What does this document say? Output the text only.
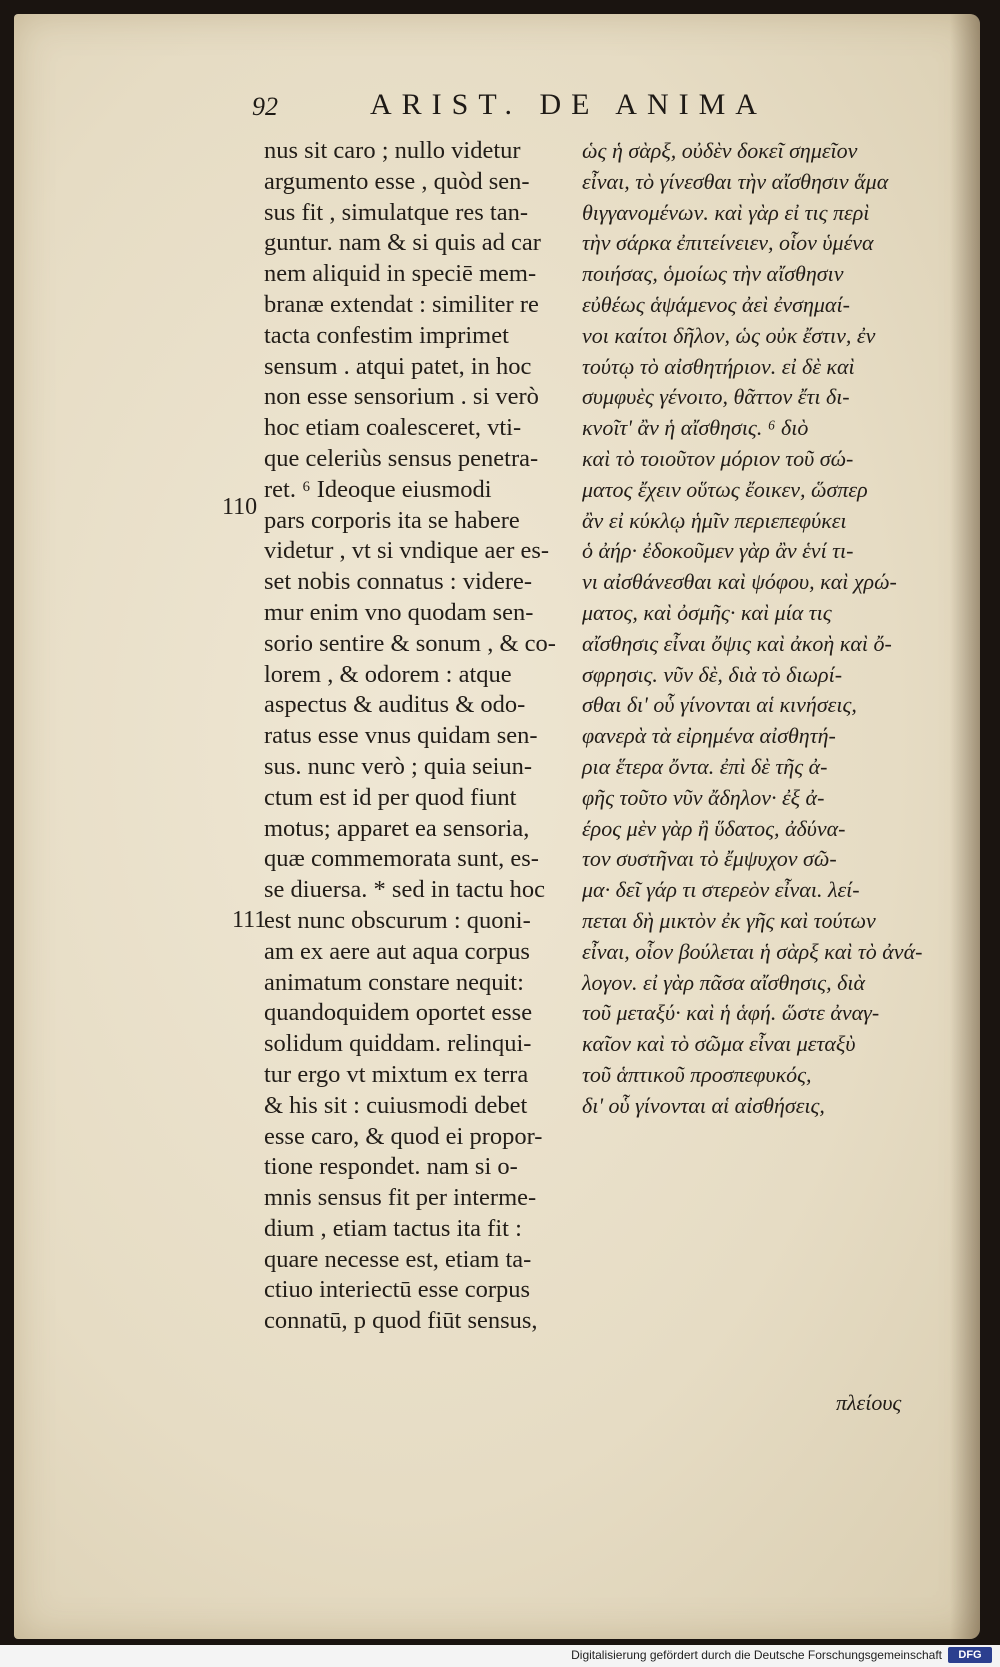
92	ARIST. DE ANIMA
110
111
nus sit caro ; nullo videtur
argumento esse , quòd sen-
sus fit , simulatque res tan-
guntur. nam & si quis ad car
nem aliquid in speciē mem-
branæ extendat : similiter re
tacta confestim imprimet
sensum . atqui patet, in hoc
non esse sensorium . si verò
hoc etiam coalesceret, vti-
que celeriùs sensus penetra-
ret. ⁶ Ideoque eiusmodi
pars corporis ita se habere
videtur , vt si vndique aer es-
set nobis connatus : videre-
mur enim vno quodam sen-
sorio sentire & sonum , & co-
lorem , & odorem : atque
aspectus & auditus & odo-
ratus esse vnus quidam sen-
sus. nunc verò ; quia seiun-
ctum est id per quod fiunt
motus; apparet ea sensoria,
quæ commemorata sunt, es-
se diuersa. * sed in tactu hoc
est nunc obscurum : quoni-
am ex aere aut aqua corpus
animatum constare nequit:
quandoquidem oportet esse
solidum quiddam. relinqui-
tur ergo vt mixtum ex terra
& his sit : cuiusmodi debet
esse caro, & quod ei propor-
tione respondet. nam si o-
mnis sensus fit per interme-
dium , etiam tactus ita fit :
quare necesse est, etiam ta-
ctiuo interiectū esse corpus
connatū, p quod fiūt sensus,
ὡς ἡ σὰρξ, οὐδὲν δοκεῖ σημεῖον
εἶναι, τὸ γίνεσθαι τὴν αἴσθησιν ἅμα
θιγγανομένων. καὶ γὰρ εἰ τις περὶ
τὴν σάρκα ἐπιτείνειεν, οἷον ὑμένα
ποιήσας, ὁμοίως τὴν αἴσθησιν
εὐθέως ἁψάμενος ἀεὶ ἐνσημαί-
νοι καίτοι δῆλον, ὡς οὐκ ἔστιν, ἐν
τούτῳ τὸ αἰσθητήριον. εἰ δὲ καὶ
συμφυὲς γένοιτο, θᾶττον ἔτι δι-
κνοῖτ' ἂν ἡ αἴσθησις. ⁶ διὸ
καὶ τὸ τοιοῦτον μόριον τοῦ σώ-
ματος ἔχειν οὕτως ἔοικεν, ὥσπερ
ἂν εἰ κύκλῳ ἡμῖν περιεπεφύκει
ὁ ἀήρ· ἐδοκοῦμεν γὰρ ἂν ἑνί τι-
νι αἰσθάνεσθαι καὶ ψόφου, καὶ χρώ-
ματος, καὶ ὀσμῆς· καὶ μία τις
αἴσθησις εἶναι ὄψις καὶ ἀκοὴ καὶ ὄ-
σφρησις. νῦν δὲ, διὰ τὸ διωρί-
σθαι δι' οὗ γίνονται αἱ κινήσεις,
φανερὰ τὰ εἰρημένα αἰσθητή-
ρια ἕτερα ὄντα. ἐπὶ δὲ τῆς ἀ-
φῆς τοῦτο νῦν ἄδηλον· ἐξ ἀ-
έρος μὲν γὰρ ἢ ὕδατος, ἀδύνα-
τον συστῆναι τὸ ἔμψυχον σῶ-
μα· δεῖ γάρ τι στερεὸν εἶναι. λεί-
πεται δὴ μικτὸν ἐκ γῆς καὶ τούτων
εἶναι, οἷον βούλεται ἡ σὰρξ καὶ τὸ ἀνά-
λογον. εἰ γὰρ πᾶσα αἴσθησις, διὰ
τοῦ μεταξύ· καὶ ἡ ἁφή. ὥστε ἀναγ-
καῖον καὶ τὸ σῶμα εἶναι μεταξὺ
τοῦ ἁπτικοῦ προσπεφυκός,
δι' οὗ γίνονται αἱ αἰσθήσεις,
πλείους
Digitalisierung gefördert durch die Deutsche Forschungsgemeinschaft	DFG
